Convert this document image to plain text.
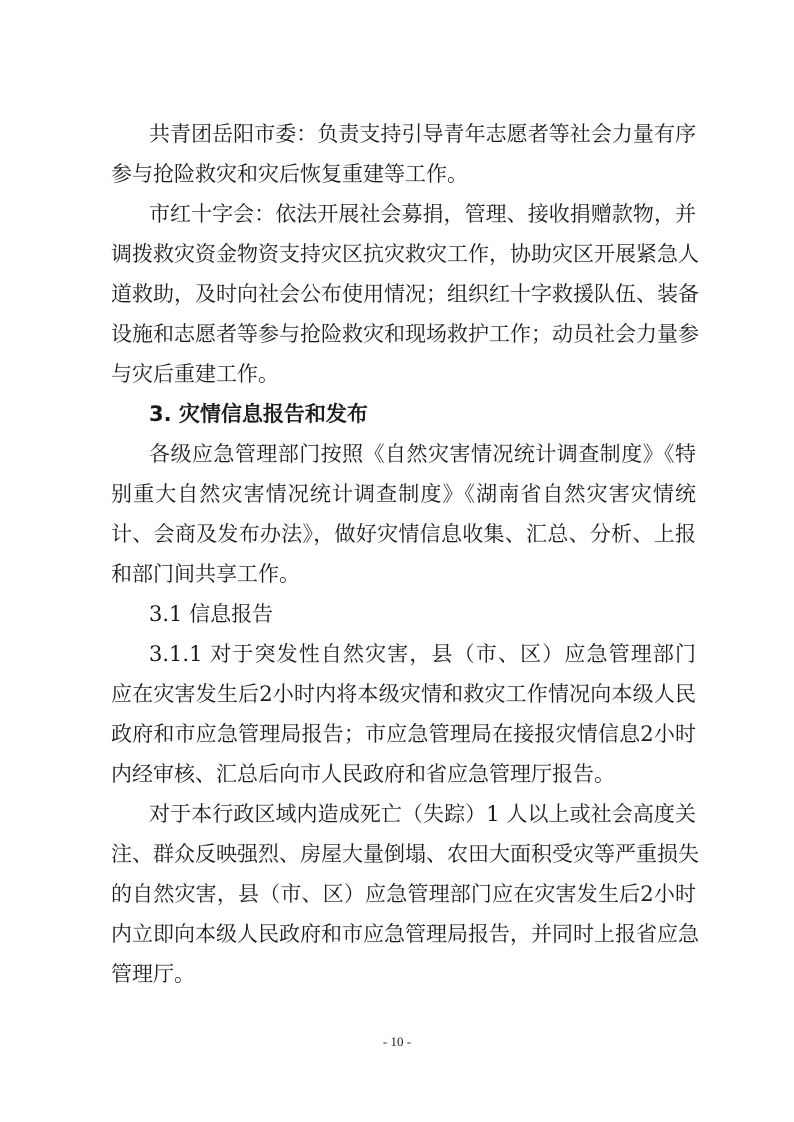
共青团岳阳市委：负责支持引导青年志愿者等社会力量有序
参与抢险救灾和灾后恢复重建等工作。
市红十字会：依法开展社会募捐，管理、接收捐赠款物，并
调拨救灾资金物资支持灾区抗灾救灾工作，协助灾区开展紧急人
道救助，及时向社会公布使用情况；组织红十字救援队伍、装备
设施和志愿者等参与抢险救灾和现场救护工作；动员社会力量参
与灾后重建工作。
3. 灾情信息报告和发布
各级应急管理部门按照《自然灾害情况统计调查制度》《特
别重大自然灾害情况统计调查制度》《湖南省自然灾害灾情统
计、会商及发布办法》，做好灾情信息收集、汇总、分析、上报
和部门间共享工作。
3.1 信息报告
3.1.1 对于突发性自然灾害，县（市、区）应急管理部门
应在灾害发生后2小时内将本级灾情和救灾工作情况向本级人民
政府和市应急管理局报告；市应急管理局在接报灾情信息2小时
内经审核、汇总后向市人民政府和省应急管理厅报告。
对于本行政区域内造成死亡（失踪）1 人以上或社会高度关
注、群众反映强烈、房屋大量倒塌、农田大面积受灾等严重损失
的自然灾害，县（市、区）应急管理部门应在灾害发生后2小时
内立即向本级人民政府和市应急管理局报告，并同时上报省应急
管理厅。
- 10 -
